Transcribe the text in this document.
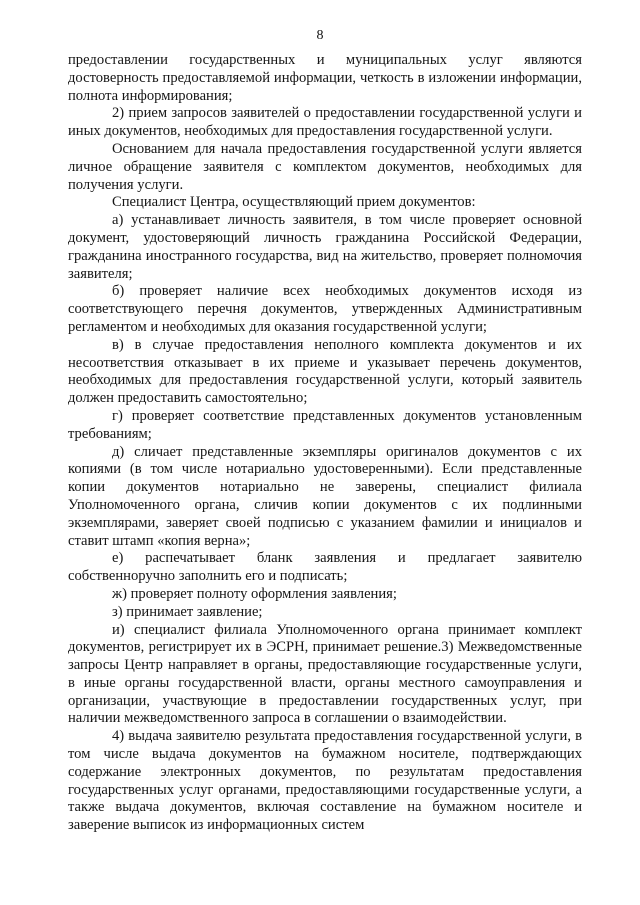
8

предоставлении государственных и муниципальных услуг являются достоверность предоставляемой информации, четкость в изложении информации, полнота информирования;

2) прием запросов заявителей о предоставлении государственной услуги и иных документов, необходимых для предоставления государственной услуги.

Основанием для начала предоставления государственной услуги является личное обращение заявителя с комплектом документов, необходимых для получения услуги.

Специалист Центра, осуществляющий прием документов:

а) устанавливает личность заявителя, в том числе проверяет основной документ, удостоверяющий личность гражданина Российской Федерации, гражданина иностранного государства, вид на жительство, проверяет полномочия заявителя;

б) проверяет наличие всех необходимых документов исходя из соответствующего перечня документов, утвержденных Административным регламентом и необходимых для оказания государственной услуги;

в) в случае предоставления неполного комплекта документов и их несоответствия отказывает в их приеме и указывает перечень документов, необходимых для предоставления государственной услуги, который заявитель должен предоставить самостоятельно;

г) проверяет соответствие представленных документов установленным требованиям;

д) сличает представленные экземпляры оригиналов документов с их копиями (в том числе нотариально удостоверенными). Если представленные копии документов нотариально не заверены, специалист филиала Уполномоченного органа, сличив копии документов с их подлинными экземплярами, заверяет своей подписью с указанием фамилии и инициалов и ставит штамп «копия верна»;

е) распечатывает бланк заявления и предлагает заявителю собственноручно заполнить его и подписать;

ж) проверяет полноту оформления заявления;

з) принимает заявление;

и) специалист филиала Уполномоченного органа принимает комплект документов, регистрирует их в ЭСРН, принимает решение.3) Межведомственные запросы Центр направляет в органы, предоставляющие государственные услуги, в иные органы государственной власти, органы местного самоуправления и организации, участвующие в предоставлении государственных услуг, при наличии межведомственного запроса в соглашении о взаимодействии.

4) выдача заявителю результата предоставления государственной услуги, в том числе выдача документов на бумажном носителе, подтверждающих содержание электронных документов, по результатам предоставления государственных услуг органами, предоставляющими государственные услуги, а также выдача документов, включая составление на бумажном носителе и заверение выписок из информационных систем
